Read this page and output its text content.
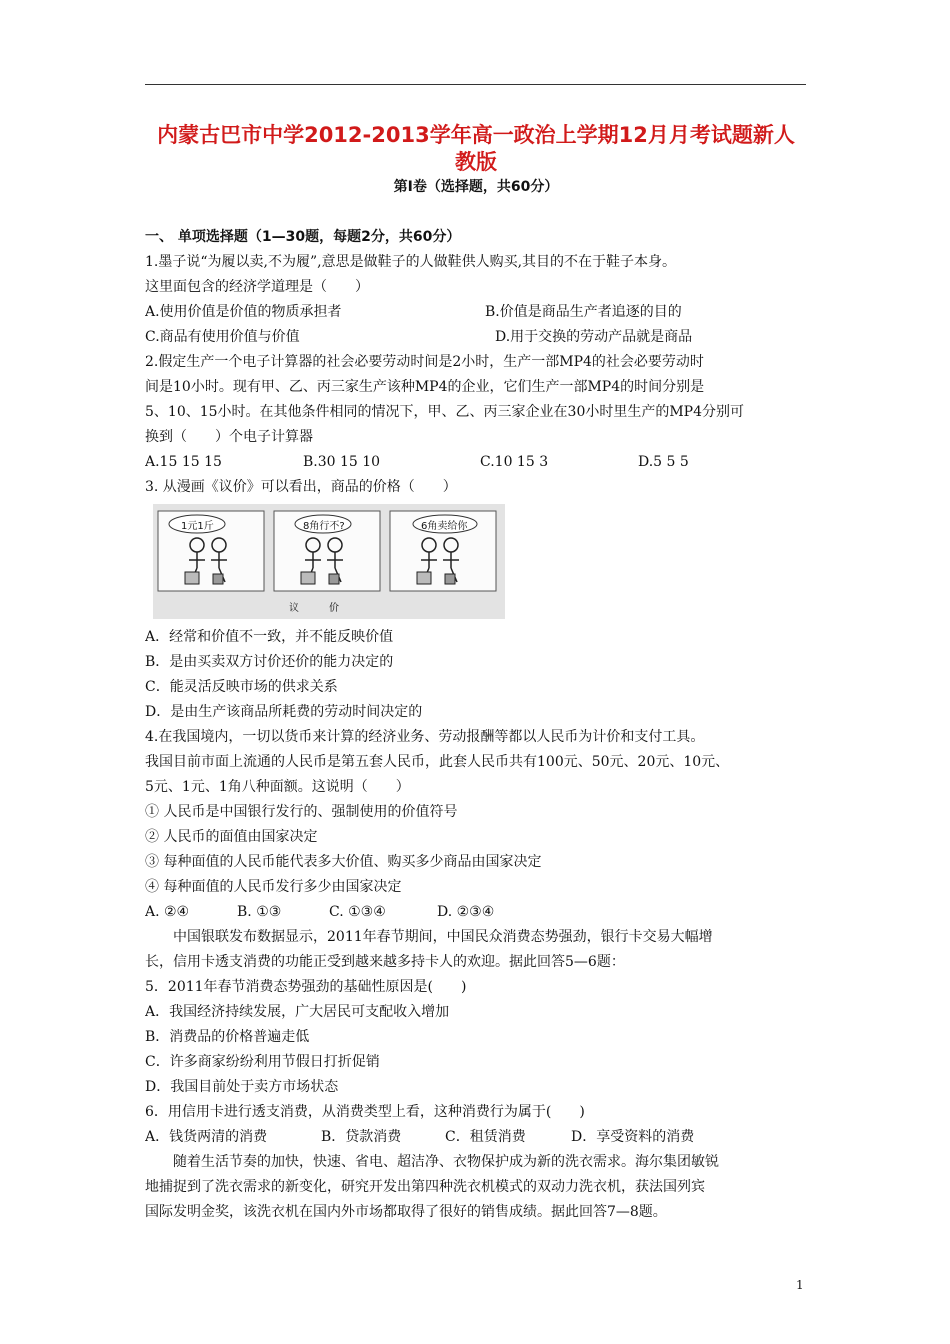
内蒙古巴市中学2012-2013学年高一政治上学期12月月考试题新人
教版
第Ⅰ卷（选择题，共60分）
一、 单项选择题（1—30题，每题2分，共60分）
1.墨子说“为履以卖,不为履”,意思是做鞋子的人做鞋供人购买,其目的不在于鞋子本身。
这里面包含的经济学道理是（　　）
A.使用价值是价值的物质承担者	B.价值是商品生产者追逐的目的
C.商品有使用价值与价值	D.用于交换的劳动产品就是商品
2.假定生产一个电子计算器的社会必要劳动时间是2小时，生产一部MP4的社会必要劳动时
间是10小时。现有甲、乙、丙三家生产该种MP4的企业，它们生产一部MP4的时间分别是
5、10、15小时。在其他条件相同的情况下，甲、乙、丙三家企业在30小时里生产的MP4分别可
换到（　　）个电子计算器
A.15 15 15	B.30 15 10	C.10 15 3	D.5 5 5
3. 从漫画《议价》可以看出，商品的价格（　　）
1元1斤	8角行不?	6角卖给你
议价
A．经常和价值不一致，并不能反映价值
B．是由买卖双方讨价还价的能力决定的
C．能灵活反映市场的供求关系
D．是由生产该商品所耗费的劳动时间决定的
4.在我国境内，一切以货币来计算的经济业务、劳动报酬等都以人民币为计价和支付工具。
我国目前市面上流通的人民币是第五套人民币，此套人民币共有100元、50元、20元、10元、
5元、1元、1角八种面额。这说明（　　）
① 人民币是中国银行发行的、强制使用的价值符号
② 人民币的面值由国家决定
③ 每种面值的人民币能代表多大价值、购买多少商品由国家决定
④ 每种面值的人民币发行多少由国家决定
A. ②④	B. ①③	C. ①③④	D. ②③④
中国银联发布数据显示，2011年春节期间，中国民众消费态势强劲，银行卡交易大幅增
长，信用卡透支消费的功能正受到越来越多持卡人的欢迎。据此回答5—6题：
5．2011年春节消费态势强劲的基础性原因是(　　)
A．我国经济持续发展，广大居民可支配收入增加
B．消费品的价格普遍走低
C．许多商家纷纷利用节假日打折促销
D．我国目前处于卖方市场状态
6．用信用卡进行透支消费，从消费类型上看，这种消费行为属于(　　)
A．钱货两清的消费	B．贷款消费	C．租赁消费	D．享受资料的消费
随着生活节奏的加快，快速、省电、超洁净、衣物保护成为新的洗衣需求。海尔集团敏锐
地捕捉到了洗衣需求的新变化，研究开发出第四种洗衣机模式的双动力洗衣机，获法国列宾
国际发明金奖，该洗衣机在国内外市场都取得了很好的销售成绩。据此回答7—8题。
1
